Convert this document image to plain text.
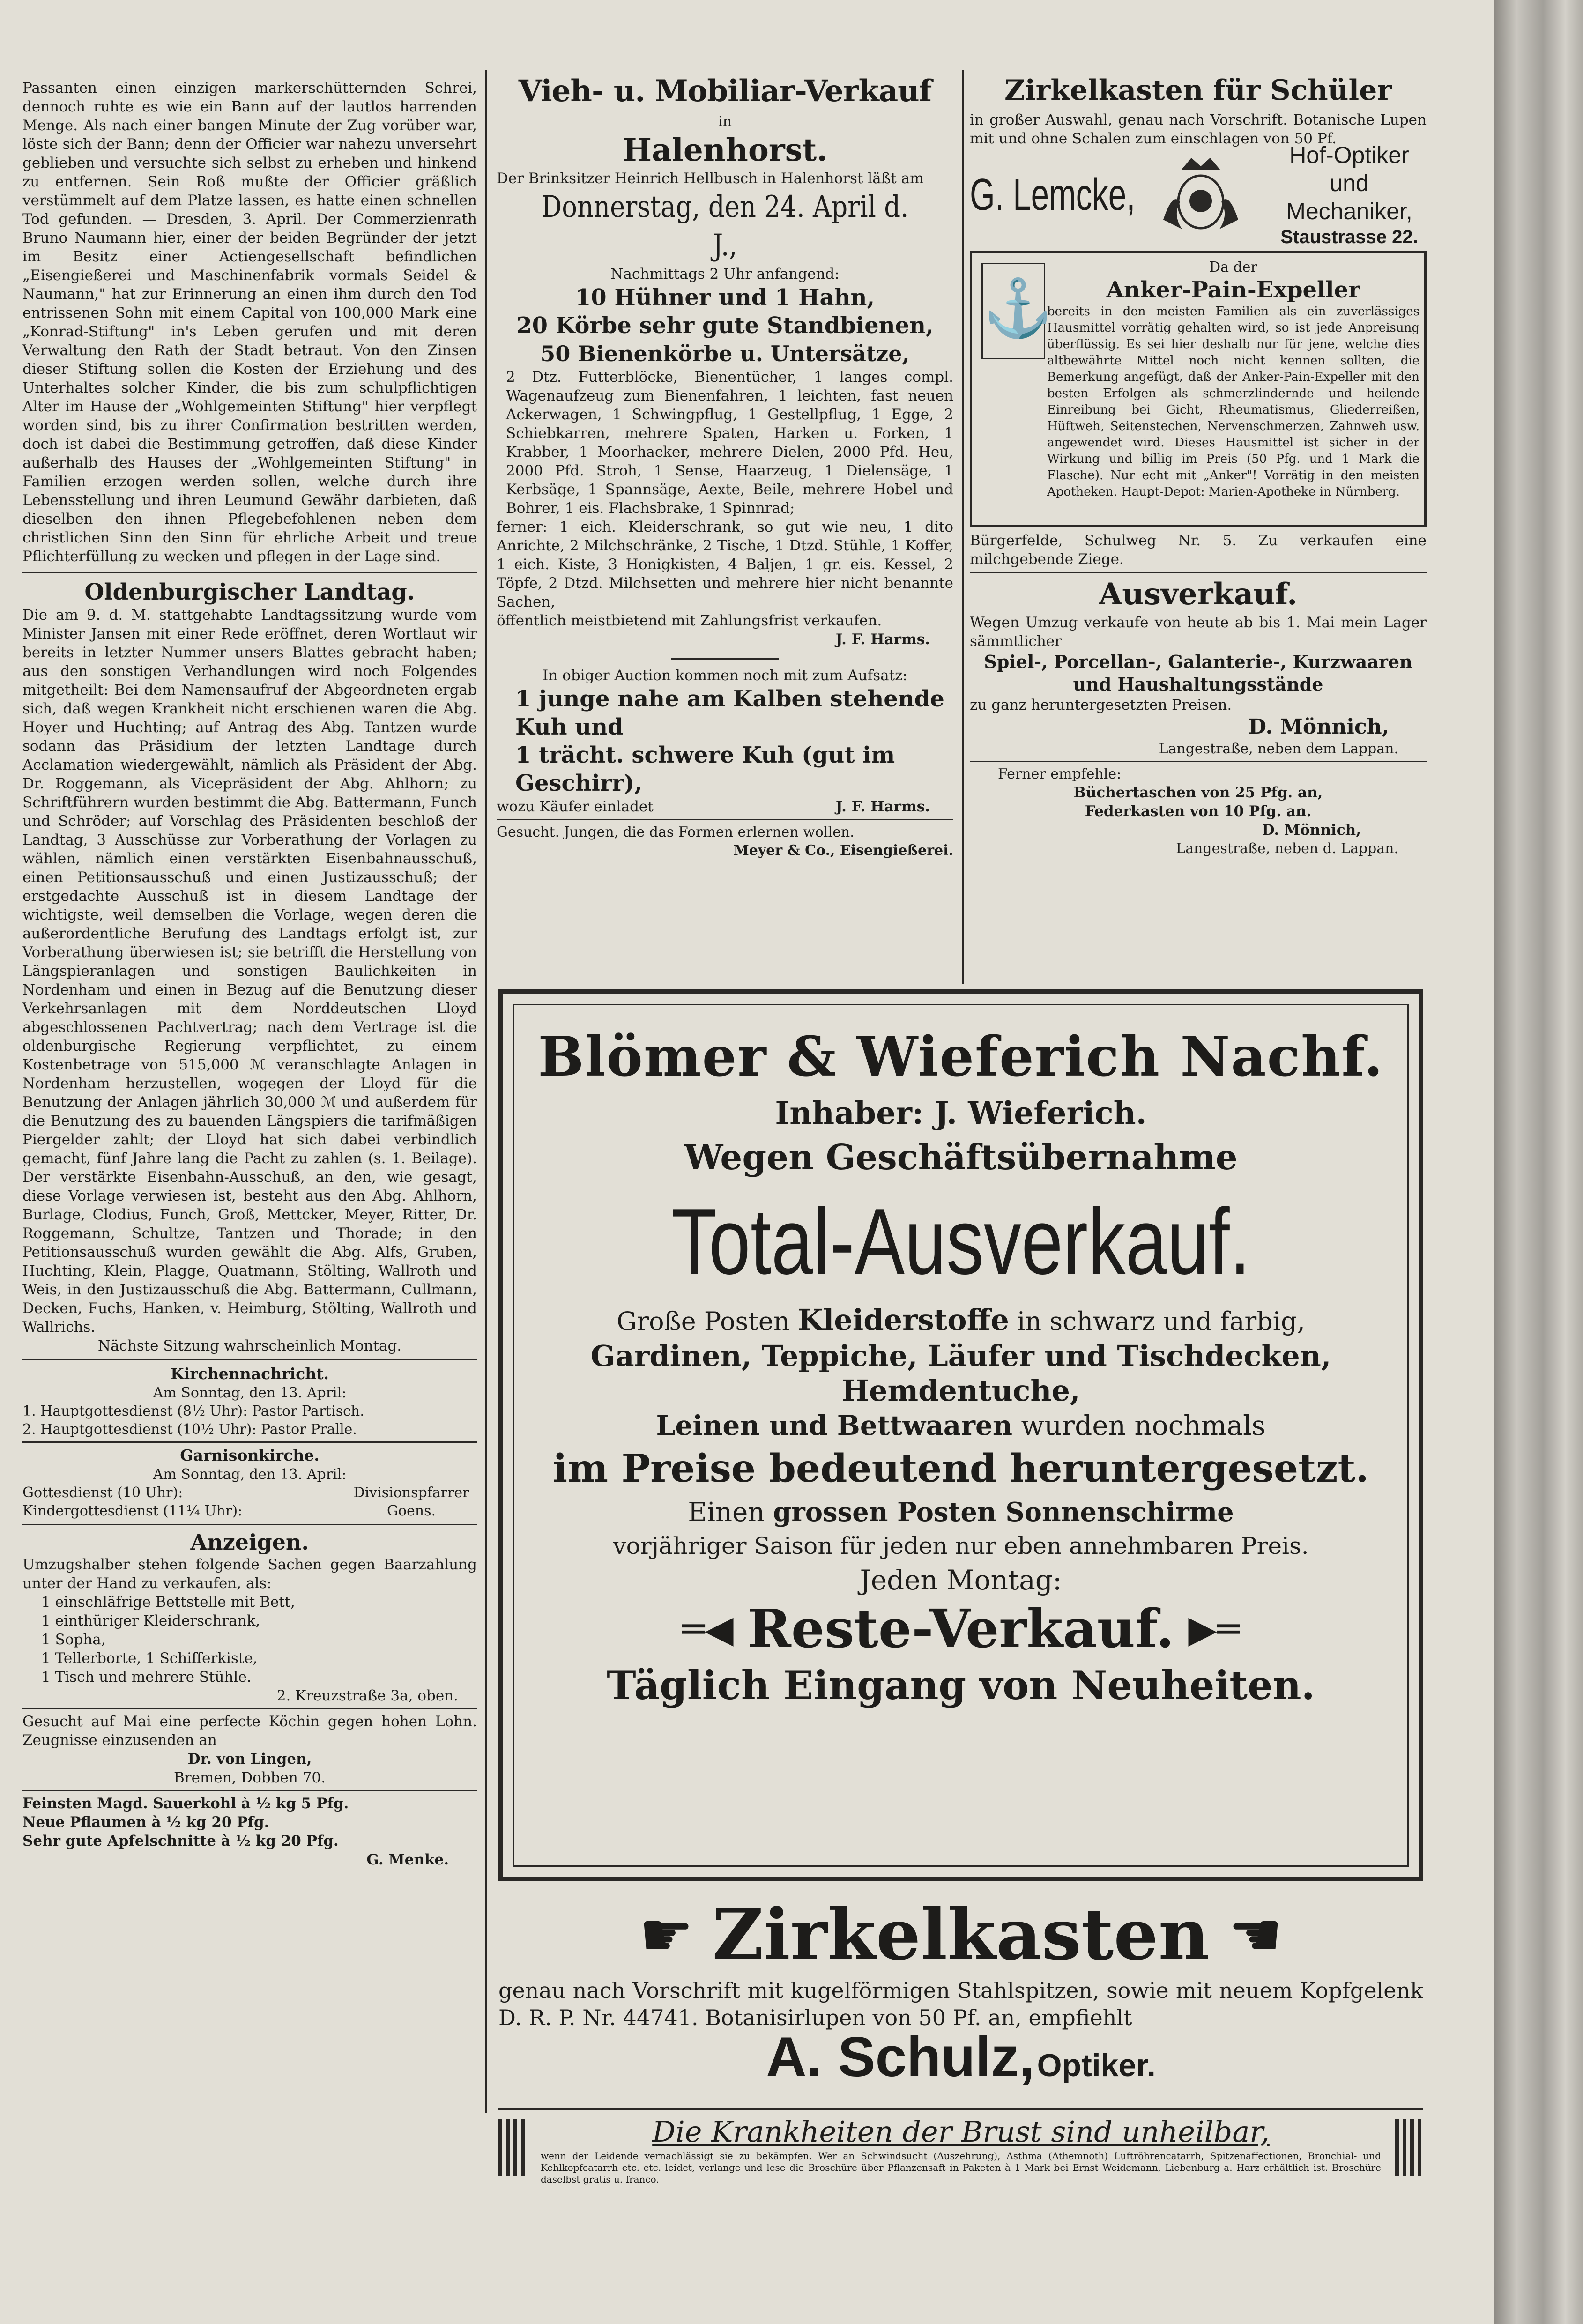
Passanten einen einzigen markerschütternden Schrei, dennoch ruhte es wie ein Bann auf der lautlos harrenden Menge. Als nach einer bangen Minute der Zug vorüber war, löste sich der Bann; denn der Officier war nahezu unversehrt geblieben und versuchte sich selbst zu erheben und hinkend zu entfernen. Sein Roß mußte der Officier gräßlich verstümmelt auf dem Platze lassen, es hatte einen schnellen Tod gefunden. — Dresden, 3. April. Der Commerzienrath Bruno Naumann hier, einer der beiden Begründer der jetzt im Besitz einer Actiengesellschaft befindlichen „Eisengießerei und Maschinenfabrik vormals Seidel & Naumann," hat zur Erinnerung an einen ihm durch den Tod entrissenen Sohn mit einem Capital von 100,000 Mark eine „Konrad-Stiftung" in's Leben gerufen und mit deren Verwaltung den Rath der Stadt betraut. Von den Zinsen dieser Stiftung sollen die Kosten der Erziehung und des Unterhaltes solcher Kinder, die bis zum schulpflichtigen Alter im Hause der „Wohlgemeinten Stiftung" hier verpflegt worden sind, bis zu ihrer Confirmation bestritten werden, doch ist dabei die Bestimmung getroffen, daß diese Kinder außerhalb des Hauses der „Wohlgemeinten Stiftung" in Familien erzogen werden sollen, welche durch ihre Lebensstellung und ihren Leumund Gewähr darbieten, daß dieselben den ihnen Pflegebefohlenen neben dem christlichen Sinn den Sinn für ehrliche Arbeit und treue Pflichterfüllung zu wecken und pflegen in der Lage sind.

Oldenburgischer Landtag.

Die am 9. d. M. stattgehabte Landtagssitzung wurde vom Minister Jansen mit einer Rede eröffnet, deren Wortlaut wir bereits in letzter Nummer unsers Blattes gebracht haben; aus den sonstigen Verhandlungen wird noch Folgendes mitgetheilt: Bei dem Namensaufruf der Abgeordneten ergab sich, daß wegen Krankheit nicht erschienen waren die Abg. Hoyer und Huchting; auf Antrag des Abg. Tantzen wurde sodann das Präsidium der letzten Landtage durch Acclamation wiedergewählt, nämlich als Präsident der Abg. Dr. Roggemann, als Vicepräsident der Abg. Ahlhorn; zu Schriftführern wurden bestimmt die Abg. Battermann, Funch und Schröder; auf Vorschlag des Präsidenten beschloß der Landtag, 3 Ausschüsse zur Vorberathung der Vorlagen zu wählen, nämlich einen verstärkten Eisenbahnausschuß, einen Petitionsausschuß und einen Justizausschuß; der erstgedachte Ausschuß ist in diesem Landtage der wichtigste, weil demselben die Vorlage, wegen deren die außerordentliche Berufung des Landtags erfolgt ist, zur Vorberathung überwiesen ist; sie betrifft die Herstellung von Längspieranlagen und sonstigen Baulichkeiten in Nordenham und einen in Bezug auf die Benutzung dieser Verkehrsanlagen mit dem Norddeutschen Lloyd abgeschlossenen Pachtvertrag; nach dem Vertrage ist die oldenburgische Regierung verpflichtet, zu einem Kostenbetrage von 515,000 ℳ veranschlagte Anlagen in Nordenham herzustellen, wogegen der Lloyd für die Benutzung der Anlagen jährlich 30,000 ℳ und außerdem für die Benutzung des zu bauenden Längspiers die tarifmäßigen Piergelder zahlt; der Lloyd hat sich dabei verbindlich gemacht, fünf Jahre lang die Pacht zu zahlen (s. 1. Beilage). Der verstärkte Eisenbahn-Ausschuß, an den, wie gesagt, diese Vorlage verwiesen ist, besteht aus den Abg. Ahlhorn, Burlage, Clodius, Funch, Groß, Mettcker, Meyer, Ritter, Dr. Roggemann, Schultze, Tantzen und Thorade; in den Petitionsausschuß wurden gewählt die Abg. Alfs, Gruben, Huchting, Klein, Plagge, Quatmann, Stölting, Wallroth und Weis, in den Justizausschuß die Abg. Battermann, Cullmann, Decken, Fuchs, Hanken, v. Heimburg, Stölting, Wallroth und Wallrichs.

Nächste Sitzung wahrscheinlich Montag.

Kirchennachricht.

Am Sonntag, den 13. April:

1. Hauptgottesdienst (8½ Uhr): Pastor Partisch.

2. Hauptgottesdienst (10½ Uhr): Pastor Pralle.

Garnisonkirche.

Am Sonntag, den 13. April:

Gottesdienst (10 Uhr):

Kindergottesdienst (11¼ Uhr):

Divisionspfarrer

Goens.

Anzeigen.

Umzugshalber stehen folgende Sachen gegen Baarzahlung unter der Hand zu verkaufen, als:

1 einschläfrige Bettstelle mit Bett,

1 einthüriger Kleiderschrank,

1 Sopha,

1 Tellerborte, 1 Schifferkiste,

1 Tisch und mehrere Stühle.

2. Kreuzstraße 3a, oben.

Gesucht auf Mai eine perfecte Köchin gegen hohen Lohn. Zeugnisse einzusenden an

Dr. von Lingen,

Bremen, Dobben 70.

Feinsten Magd. Sauerkohl à ½ kg 5 Pfg.

Neue Pflaumen à ½ kg 20 Pfg.

Sehr gute Apfelschnitte à ½ kg 20 Pfg.

G. Menke.

Vieh- u. Mobiliar-Verkauf

in

Halenhorst.

Der Brinksitzer Heinrich Hellbusch in Halenhorst läßt am

Donnerstag, den 24. April d. J.,

Nachmittags 2 Uhr anfangend:

10 Hühner und 1 Hahn,

20 Körbe sehr gute Standbienen,

50 Bienenkörbe u. Untersätze,

2 Dtz. Futterblöcke, Bienentücher, 1 langes compl. Wagenaufzeug zum Bienenfahren, 1 leichten, fast neuen Ackerwagen, 1 Schwingpflug, 1 Gestellpflug, 1 Egge, 2 Schiebkarren, mehrere Spaten, Harken u. Forken, 1 Krabber, 1 Moorhacker, mehrere Dielen, 2000 Pfd. Heu, 2000 Pfd. Stroh, 1 Sense, Haarzeug, 1 Dielensäge, 1 Kerbsäge, 1 Spannsäge, Aexte, Beile, mehrere Hobel und Bohrer, 1 eis. Flachsbrake, 1 Spinnrad;

ferner: 1 eich. Kleiderschrank, so gut wie neu, 1 dito Anrichte, 2 Milchschränke, 2 Tische, 1 Dtzd. Stühle, 1 Koffer, 1 eich. Kiste, 3 Honigkisten, 4 Baljen, 1 gr. eis. Kessel, 2 Töpfe, 2 Dtzd. Milchsetten und mehrere hier nicht benannte Sachen,

öffentlich meistbietend mit Zahlungsfrist verkaufen.

J. F. Harms.

In obiger Auction kommen noch mit zum Aufsatz:

1 junge nahe am Kalben stehende Kuh und

1 trächt. schwere Kuh (gut im Geschirr),

wozu Käufer einladet	J. F. Harms.

Gesucht. Jungen, die das Formen erlernen wollen.

Meyer & Co., Eisengießerei.

Zirkelkasten für Schüler

in großer Auswahl, genau nach Vorschrift. Botanische Lupen mit und ohne Schalen zum einschlagen von 50 Pf.

G. Lemcke,

Hof-Optiker und Mechaniker,

Staustrasse 22.

⚓

Da der

Anker-Pain-Expeller

bereits in den meisten Familien als ein zuverlässiges Hausmittel vorrätig gehalten wird, so ist jede Anpreisung überflüssig. Es sei hier deshalb nur für jene, welche dies altbewährte Mittel noch nicht kennen sollten, die Bemerkung angefügt, daß der Anker-Pain-Expeller mit den besten Erfolgen als schmerzlindernde und heilende Einreibung bei Gicht, Rheumatismus, Gliederreißen, Hüftweh, Seitenstechen, Nervenschmerzen, Zahnweh usw. angewendet wird. Dieses Hausmittel ist sicher in der Wirkung und billig im Preis (50 Pfg. und 1 Mark die Flasche). Nur echt mit „Anker"! Vorrätig in den meisten Apotheken. Haupt-Depot: Marien-Apotheke in Nürnberg.

Bürgerfelde, Schulweg Nr. 5. Zu verkaufen eine milchgebende Ziege.

Ausverkauf.

Wegen Umzug verkaufe von heute ab bis 1. Mai mein Lager sämmtlicher

Spiel-, Porcellan-, Galanterie-, Kurzwaaren und Haushaltungsstände

zu ganz heruntergesetzten Preisen.

D. Mönnich,

Langestraße, neben dem Lappan.

Ferner empfehle:

Büchertaschen von 25 Pfg. an,

Federkasten von 10 Pfg. an.

D. Mönnich,

Langestraße, neben d. Lappan.

Blömer & Wieferich Nachf.

Inhaber: J. Wieferich.

Wegen Geschäftsübernahme

Total-Ausverkauf.

Große Posten Kleiderstoffe in schwarz und farbig,

Gardinen, Teppiche, Läufer und Tischdecken, Hemdentuche,

Leinen und Bettwaaren wurden nochmals

im Preise bedeutend heruntergesetzt.

Einen grossen Posten Sonnenschirme

vorjähriger Saison für jeden nur eben annehmbaren Preis.

Jeden Montag:

═◀ Reste-Verkauf. ▶═

Täglich Eingang von Neuheiten.

☛ Zirkelkasten ☚

genau nach Vorschrift mit kugelförmigen Stahlspitzen, sowie mit neuem Kopfgelenk D. R. P. Nr. 44741. Botanisirlupen von 50 Pf. an, empfiehlt

A. Schulz, Optiker.

Die Krankheiten der Brust sind unheilbar,

wenn der Leidende vernachlässigt sie zu bekämpfen. Wer an Schwindsucht (Auszehrung), Asthma (Athemnoth) Luftröhrencatarrh, Spitzenaffectionen, Bronchial- und Kehlkopfcatarrh etc. etc. leidet, verlange und lese die Broschüre über Pflanzensaft in Paketen à 1 Mark bei Ernst Weidemann, Liebenburg a. Harz erhältlich ist. Broschüre daselbst gratis u. franco.
